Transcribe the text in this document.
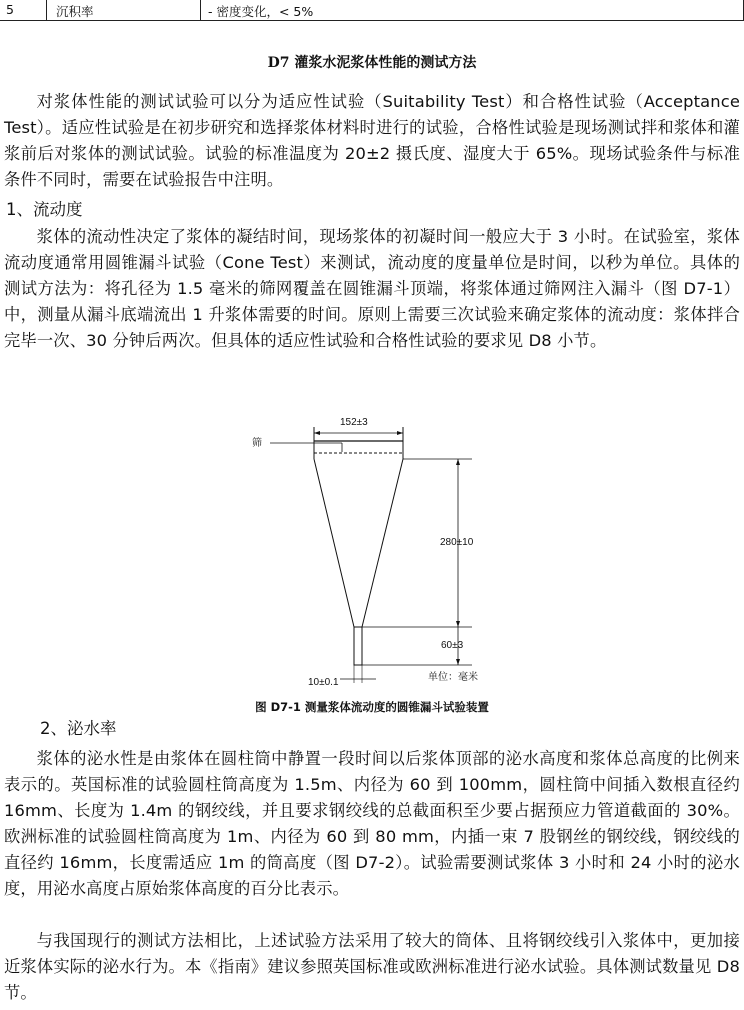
5	沉积率	- 密度变化，< 5%
D7 灌浆水泥浆体性能的测试方法

对浆体性能的测试试验可以分为适应性试验（Suitability Test）和合格性试验（Acceptance Test）。适应性试验是在初步研究和选择浆体材料时进行的试验，合格性试验是现场测试拌和浆体和灌浆前后对浆体的测试试验。试验的标准温度为 20±2 摄氏度、湿度大于 65%。现场试验条件与标准条件不同时，需要在试验报告中注明。

1、流动度

浆体的流动性决定了浆体的凝结时间，现场浆体的初凝时间一般应大于 3 小时。在试验室，浆体流动度通常用圆锥漏斗试验（Cone Test）来测试，流动度的度量单位是时间，以秒为单位。具体的测试方法为：将孔径为 1.5 毫米的筛网覆盖在圆锥漏斗顶端，将浆体通过筛网注入漏斗（图 D7-1）中，测量从漏斗底端流出 1 升浆体需要的时间。原则上需要三次试验来确定浆体的流动度：浆体拌合完毕一次、30 分钟后两次。但具体的适应性试验和合格性试验的要求见 D8 小节。

筛
152±3
280±10
60±3
单位：毫米
10±0.1
图 D7-1 测量浆体流动度的圆锥漏斗试验装置
2、泌水率

浆体的泌水性是由浆体在圆柱筒中静置一段时间以后浆体顶部的泌水高度和浆体总高度的比例来表示的。英国标准的试验圆柱筒高度为 1.5m、内径为 60 到 100mm，圆柱筒中间插入数根直径约 16mm、长度为 1.4m 的钢绞线，并且要求钢绞线的总截面积至少要占据预应力管道截面的 30%。欧洲标准的试验圆柱筒高度为 1m、内径为 60 到 80 mm，内插一束 7 股钢丝的钢绞线，钢绞线的直径约 16mm，长度需适应 1m 的筒高度（图 D7-2）。试验需要测试浆体 3 小时和 24 小时的泌水度，用泌水高度占原始浆体高度的百分比表示。

与我国现行的测试方法相比，上述试验方法采用了较大的筒体、且将钢绞线引入浆体中，更加接近浆体实际的泌水行为。本《指南》建议参照英国标准或欧洲标准进行泌水试验。具体测试数量见 D8 节。
